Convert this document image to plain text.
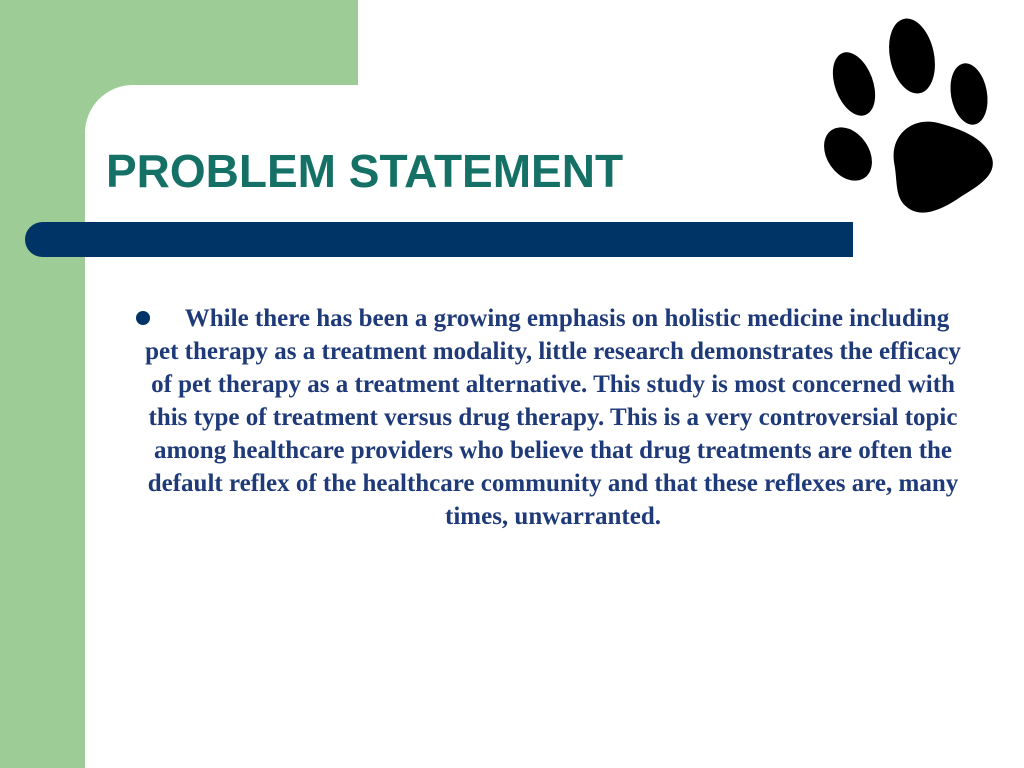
PROBLEM STATEMENT

While there has been a growing emphasis on holistic medicine including pet therapy as a treatment modality, little research demonstrates the efficacy of pet therapy as a treatment alternative. This study is most concerned with this type of treatment versus drug therapy. This is a very controversial topic among healthcare providers who believe that drug treatments are often the default reflex of the healthcare community and that these reflexes are, many times, unwarranted.
